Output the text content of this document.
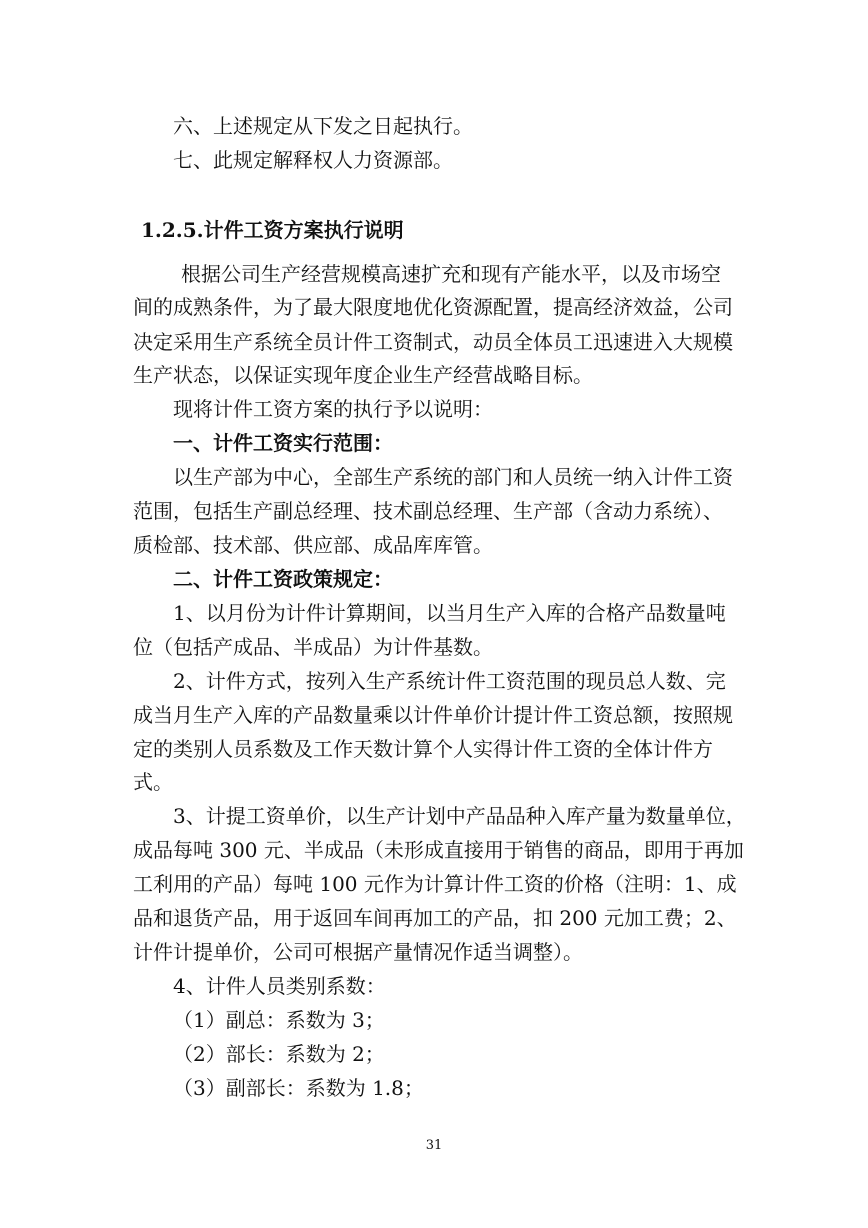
六、上述规定从下发之日起执行。
七、此规定解释权人力资源部。
1.2.5.计件工资方案执行说明
根据公司生产经营规模高速扩充和现有产能水平，以及市场空
间的成熟条件，为了最大限度地优化资源配置，提高经济效益，公司
决定采用生产系统全员计件工资制式，动员全体员工迅速进入大规模
生产状态，以保证实现年度企业生产经营战略目标。
现将计件工资方案的执行予以说明：
一、计件工资实行范围：
以生产部为中心，全部生产系统的部门和人员统一纳入计件工资
范围，包括生产副总经理、技术副总经理、生产部（含动力系统）、
质检部、技术部、供应部、成品库库管。
二、计件工资政策规定：
1、以月份为计件计算期间，以当月生产入库的合格产品数量吨
位（包括产成品、半成品）为计件基数。
2、计件方式，按列入生产系统计件工资范围的现员总人数、完
成当月生产入库的产品数量乘以计件单价计提计件工资总额，按照规
定的类别人员系数及工作天数计算个人实得计件工资的全体计件方
式。
3、计提工资单价，以生产计划中产品品种入库产量为数量单位，
成品每吨 300 元、半成品（未形成直接用于销售的商品，即用于再加
工利用的产品）每吨 100 元作为计算计件工资的价格（注明：1、成
品和退货产品，用于返回车间再加工的产品，扣 200 元加工费；2、
计件计提单价，公司可根据产量情况作适当调整）。
4、计件人员类别系数：
（1）副总：系数为 3；
（2）部长：系数为 2；
（3）副部长：系数为 1.8；
31
